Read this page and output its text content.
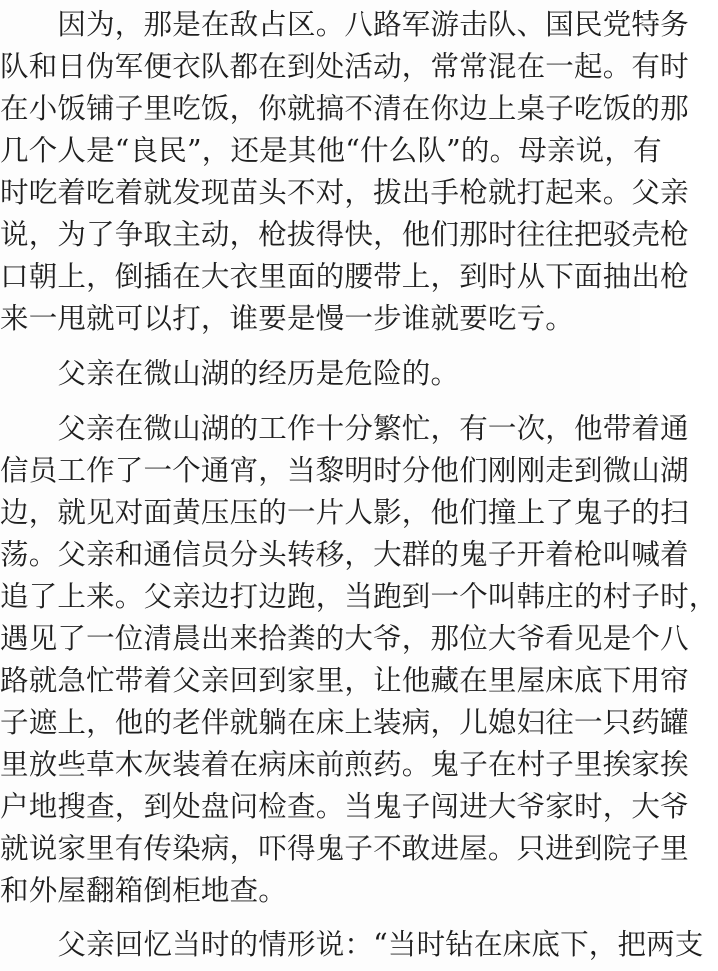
　　因为，那是在敌占区。八路军游击队、国民党特务
队和日伪军便衣队都在到处活动，常常混在一起。有时
在小饭铺子里吃饭，你就搞不清在你边上桌子吃饭的那
几个人是“良民”，还是其他“什么队”的。母亲说，有
时吃着吃着就发现苗头不对，拔出手枪就打起来。父亲
说，为了争取主动，枪拔得快，他们那时往往把驳壳枪
口朝上，倒插在大衣里面的腰带上，到时从下面抽出枪
来一甩就可以打，谁要是慢一步谁就要吃亏。
　　父亲在微山湖的经历是危险的。
　　父亲在微山湖的工作十分繁忙，有一次，他带着通
信员工作了一个通宵，当黎明时分他们刚刚走到微山湖
边，就见对面黄压压的一片人影，他们撞上了鬼子的扫
荡。父亲和通信员分头转移，大群的鬼子开着枪叫喊着
追了上来。父亲边打边跑，当跑到一个叫韩庄的村子时，
遇见了一位清晨出来拾粪的大爷，那位大爷看见是个八
路就急忙带着父亲回到家里，让他藏在里屋床底下用帘
子遮上，他的老伴就躺在床上装病，儿媳妇往一只药罐
里放些草木灰装着在病床前煎药。鬼子在村子里挨家挨
户地搜查，到处盘问检查。当鬼子闯进大爷家时，大爷
就说家里有传染病，吓得鬼子不敢进屋。只进到院子里
和外屋翻箱倒柜地查。
　　父亲回忆当时的情形说：“当时钻在床底下，把两支
